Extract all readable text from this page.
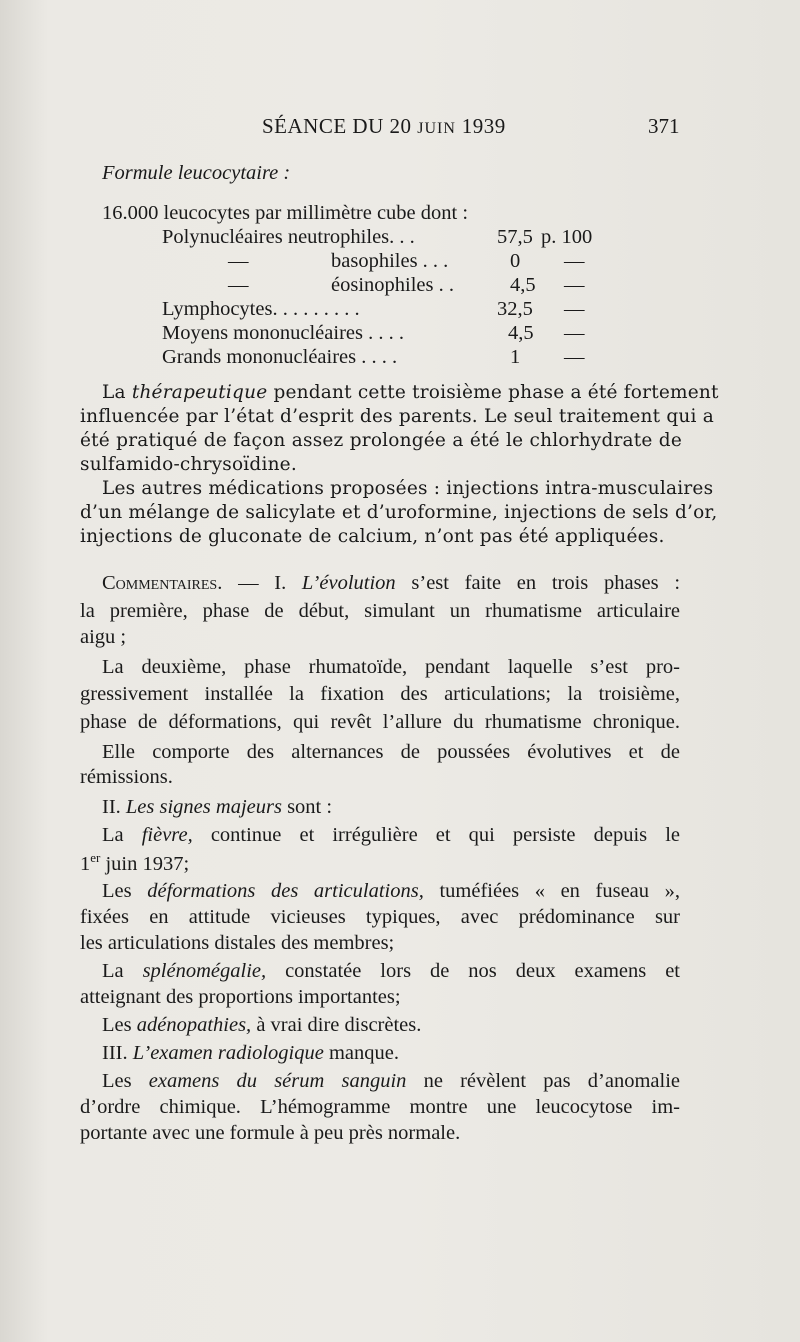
SÉANCE DU 20 JUIN 1939	371
Formule leucocytaire :
16.000 leucocytes par millimètre cube dont :
Polynucléaires neutrophiles. . .	57,5 p. 100
—	basophiles . . .	0	—
—	éosinophiles . .	4,5	—
Lymphocytes. . . . . . . . .	32,5	—
Moyens mononucléaires . . . .	4,5	—
Grands mononucléaires . . . .	1	—
La thérapeutique pendant cette troisième phase a été fortement
influencée par l’état d’esprit des parents. Le seul traitement qui a
été pratiqué de façon assez prolongée a été le chlorhydrate de
sulfamido-chrysoïdine.
Les autres médications proposées : injections intra-musculaires
d’un mélange de salicylate et d’uroformine, injections de sels d’or,
injections de gluconate de calcium, n’ont pas été appliquées.
Commentaires. — I. L’évolution s’est faite en trois phases :
la première, phase de début, simulant un rhumatisme articulaire
aigu ;
La deuxième, phase rhumatoïde, pendant laquelle s’est pro-
gressivement installée la fixation des articulations; la troisième,
phase de déformations, qui revêt l’allure du rhumatisme chronique.
Elle comporte des alternances de poussées évolutives et de
rémissions.
II. Les signes majeurs sont :
La fièvre, continue et irrégulière et qui persiste depuis le
1er juin 1937;
Les déformations des articulations, tuméfiées « en fuseau »,
fixées en attitude vicieuses typiques, avec prédominance sur
les articulations distales des membres;
La splénomégalie, constatée lors de nos deux examens et
atteignant des proportions importantes;
Les adénopathies, à vrai dire discrètes.
III. L’examen radiologique manque.
Les examens du sérum sanguin ne révèlent pas d’anomalie
d’ordre chimique. L’hémogramme montre une leucocytose im-
portante avec une formule à peu près normale.
